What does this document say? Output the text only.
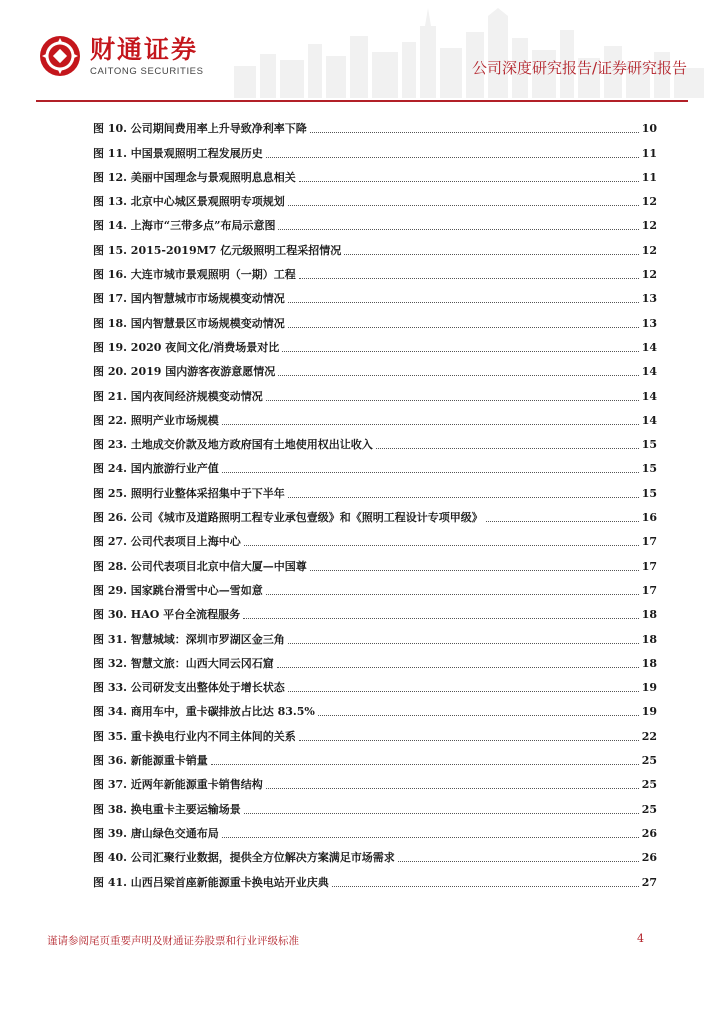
财通证券
CAITONG SECURITIES	公司深度研究报告/证券研究报告
图 10. 公司期间费用率上升导致净利率下降	10
图 11. 中国景观照明工程发展历史	11
图 12. 美丽中国理念与景观照明息息相关	11
图 13. 北京中心城区景观照明专项规划	12
图 14. 上海市“三带多点”布局示意图	12
图 15. 2015-2019M7 亿元级照明工程采招情况	12
图 16. 大连市城市景观照明（一期）工程	12
图 17. 国内智慧城市市场规模变动情况	13
图 18. 国内智慧景区市场规模变动情况	13
图 19. 2020 夜间文化/消费场景对比	14
图 20. 2019 国内游客夜游意愿情况	14
图 21. 国内夜间经济规模变动情况	14
图 22. 照明产业市场规模	14
图 23. 土地成交价款及地方政府国有土地使用权出让收入	15
图 24. 国内旅游行业产值	15
图 25. 照明行业整体采招集中于下半年	15
图 26. 公司《城市及道路照明工程专业承包壹级》和《照明工程设计专项甲级》	16
图 27. 公司代表项目上海中心	17
图 28. 公司代表项目北京中信大厦—中国尊	17
图 29. 国家跳台滑雪中心—雪如意	17
图 30. HAO 平台全流程服务	18
图 31. 智慧城域：深圳市罗湖区金三角	18
图 32. 智慧文旅：山西大同云冈石窟	18
图 33. 公司研发支出整体处于增长状态	19
图 34. 商用车中，重卡碳排放占比达 83.5%	19
图 35. 重卡换电行业内不同主体间的关系	22
图 36. 新能源重卡销量	25
图 37. 近两年新能源重卡销售结构	25
图 38. 换电重卡主要运输场景	25
图 39. 唐山绿色交通布局	26
图 40. 公司汇聚行业数据，提供全方位解决方案满足市场需求	26
图 41. 山西吕梁首座新能源重卡换电站开业庆典	27
谨请参阅尾页重要声明及财通证券股票和行业评级标准	4
